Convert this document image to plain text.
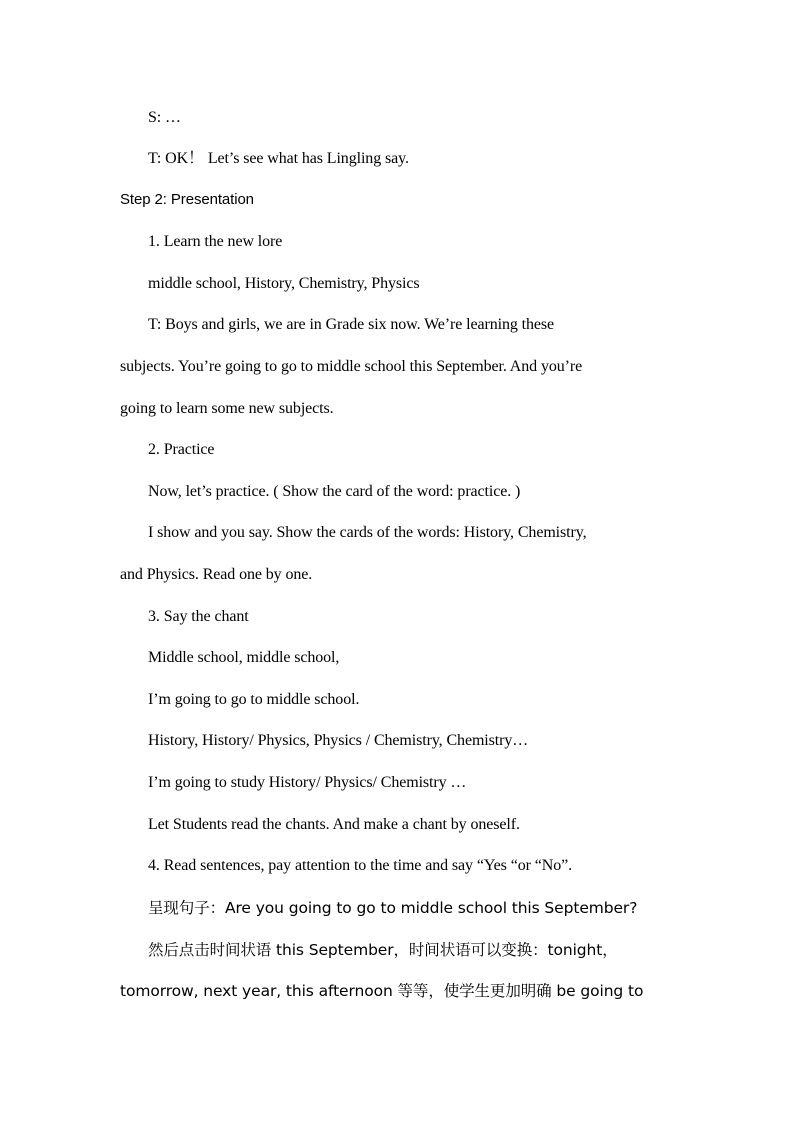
S: …
T: OK！ Let’s see what has Lingling say.
Step 2: Presentation
1. Learn the new lore
middle school, History, Chemistry, Physics
T: Boys and girls, we are in Grade six now. We’re learning these
subjects. You’re going to go to middle school this September. And you’re
going to learn some new subjects.
2. Practice
Now, let’s practice. ( Show the card of the word: practice. )
I show and you say. Show the cards of the words: History, Chemistry,
and Physics. Read one by one.
3. Say the chant
Middle school, middle school,
I’m going to go to middle school.
History, History/ Physics, Physics / Chemistry, Chemistry…
I’m going to study History/ Physics/ Chemistry …
Let Students read the chants. And make a chant by oneself.
4. Read sentences, pay attention to the time and say “Yes “or “No”.
呈现句子：Are you going to go to middle school this September?
然后点击时间状语 this September，时间状语可以变换：tonight，
tomorrow, next year, this afternoon 等等，使学生更加明确 be going to
